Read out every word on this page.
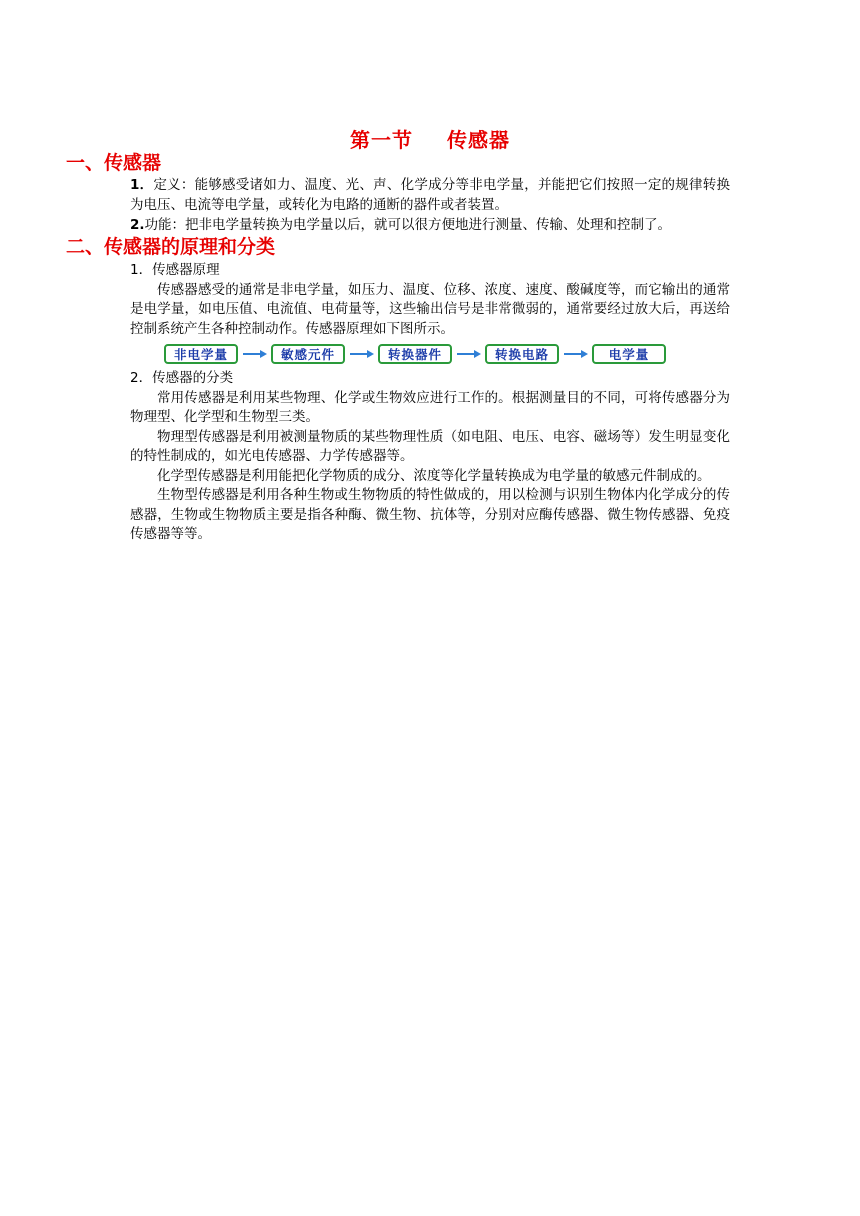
第一节 传感器
一、传感器

1．定义：能够感受诸如力、温度、光、声、化学成分等非电学量，并能把它们按照一定的规律转换为电压、电流等电学量，或转化为电路的通断的器件或者装置。

2.功能：把非电学量转换为电学量以后，就可以很方便地进行测量、传输、处理和控制了。

二、传感器的原理和分类

1．传感器原理

传感器感受的通常是非电学量，如压力、温度、位移、浓度、速度、酸碱度等，而它输出的通常是电学量，如电压值、电流值、电荷量等，这些输出信号是非常微弱的，通常要经过放大后，再送给控制系统产生各种控制动作。传感器原理如下图所示。

非电学量	敏感元件	转换器件	转换电路	电学量

2．传感器的分类

常用传感器是利用某些物理、化学或生物效应进行工作的。根据测量目的不同，可将传感器分为物理型、化学型和生物型三类。

物理型传感器是利用被测量物质的某些物理性质（如电阻、电压、电容、磁场等）发生明显变化的特性制成的，如光电传感器、力学传感器等。

化学型传感器是利用能把化学物质的成分、浓度等化学量转换成为电学量的敏感元件制成的。

生物型传感器是利用各种生物或生物物质的特性做成的，用以检测与识别生物体内化学成分的传感器，生物或生物物质主要是指各种酶、微生物、抗体等，分别对应酶传感器、微生物传感器、免疫传感器等等。
